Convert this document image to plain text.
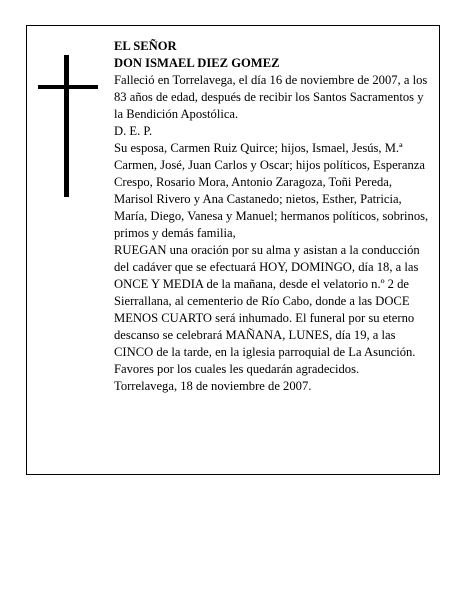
EL SEÑOR

DON ISMAEL DIEZ GOMEZ

Falleció en Torrelavega, el día 16 de noviembre de 2007, a los 83 años de edad, después de recibir los Santos Sacramentos y la Bendición Apostólica.

D. E. P.

Su esposa, Carmen Ruiz Quirce; hijos, Ismael, Jesús, M.ª Carmen, José, Juan Carlos y Oscar; hijos políticos, Esperanza Crespo, Rosario Mora, Antonio Zaragoza, Toñi Pereda, Marisol Rivero y Ana Castanedo; nietos, Esther, Patricia, María, Diego, Vanesa y Manuel; hermanos políticos, sobrinos, primos y demás familia,

RUEGAN una oración por su alma y asistan a la conducción del cadáver que se efectuará HOY, DOMINGO, día 18, a las ONCE Y MEDIA de la mañana, desde el velatorio n.º 2 de Sierrallana, al cementerio de Río Cabo, donde a las DOCE MENOS CUARTO será inhumado. El funeral por su eterno descanso se celebrará MAÑANA, LUNES, día 19, a las CINCO de la tarde, en la iglesia parroquial de La Asunción. Favores por los cuales les quedarán agradecidos.

Torrelavega, 18 de noviembre de 2007.
